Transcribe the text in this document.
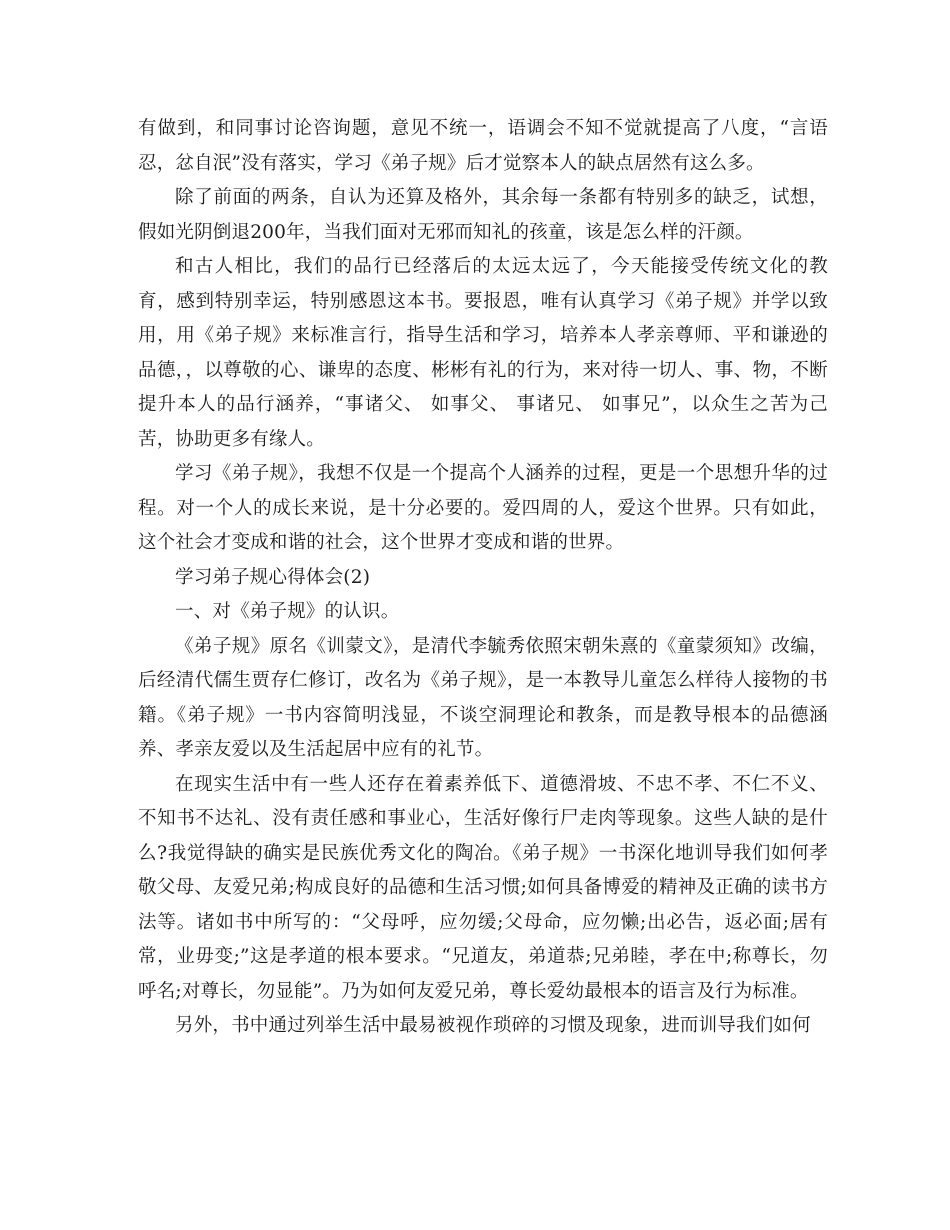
有做到，和同事讨论咨询题，意见不统一，语调会不知不觉就提高了八度，“言语忍，忿自泯”没有落实，学习《弟子规》后才觉察本人的缺点居然有这么多。

除了前面的两条，自认为还算及格外，其余每一条都有特别多的缺乏，试想，假如光阴倒退200年，当我们面对无邪而知礼的孩童，该是怎么样的汗颜。

和古人相比，我们的品行已经落后的太远太远了，今天能接受传统文化的教育，感到特别幸运，特别感恩这本书。要报恩，唯有认真学习《弟子规》并学以致用，用《弟子规》来标准言行，指导生活和学习，培养本人孝亲尊师、平和谦逊的品德，，以尊敬的心、谦卑的态度、彬彬有礼的行为，来对待一切人、事、物，不断提升本人的品行涵养，“事诸父、 如事父、 事诸兄、 如事兄”，以众生之苦为己苦，协助更多有缘人。

学习《弟子规》，我想不仅是一个提高个人涵养的过程，更是一个思想升华的过程。对一个人的成长来说，是十分必要的。爱四周的人，爱这个世界。只有如此，这个社会才变成和谐的社会，这个世界才变成和谐的世界。

学习弟子规心得体会(2)

一、对《弟子规》的认识。

《弟子规》原名《训蒙文》，是清代李毓秀依照宋朝朱熹的《童蒙须知》改编，后经清代儒生贾存仁修订，改名为《弟子规》，是一本教导儿童怎么样待人接物的书籍。《弟子规》一书内容简明浅显，不谈空洞理论和教条，而是教导根本的品德涵养、孝亲友爱以及生活起居中应有的礼节。

在现实生活中有一些人还存在着素养低下、道德滑坡、不忠不孝、不仁不义、不知书不达礼、没有责任感和事业心，生活好像行尸走肉等现象。这些人缺的是什么?我觉得缺的确实是民族优秀文化的陶冶。《弟子规》一书深化地训导我们如何孝敬父母、友爱兄弟;构成良好的品德和生活习惯;如何具备博爱的精神及正确的读书方法等。诸如书中所写的：“父母呼，应勿缓;父母命，应勿懒;出必告，返必面;居有常，业毋变;”这是孝道的根本要求。“兄道友，弟道恭;兄弟睦，孝在中;称尊长，勿呼名;对尊长，勿显能”。乃为如何友爱兄弟，尊长爱幼最根本的语言及行为标准。

另外，书中通过列举生活中最易被视作琐碎的习惯及现象，进而训导我们如何
